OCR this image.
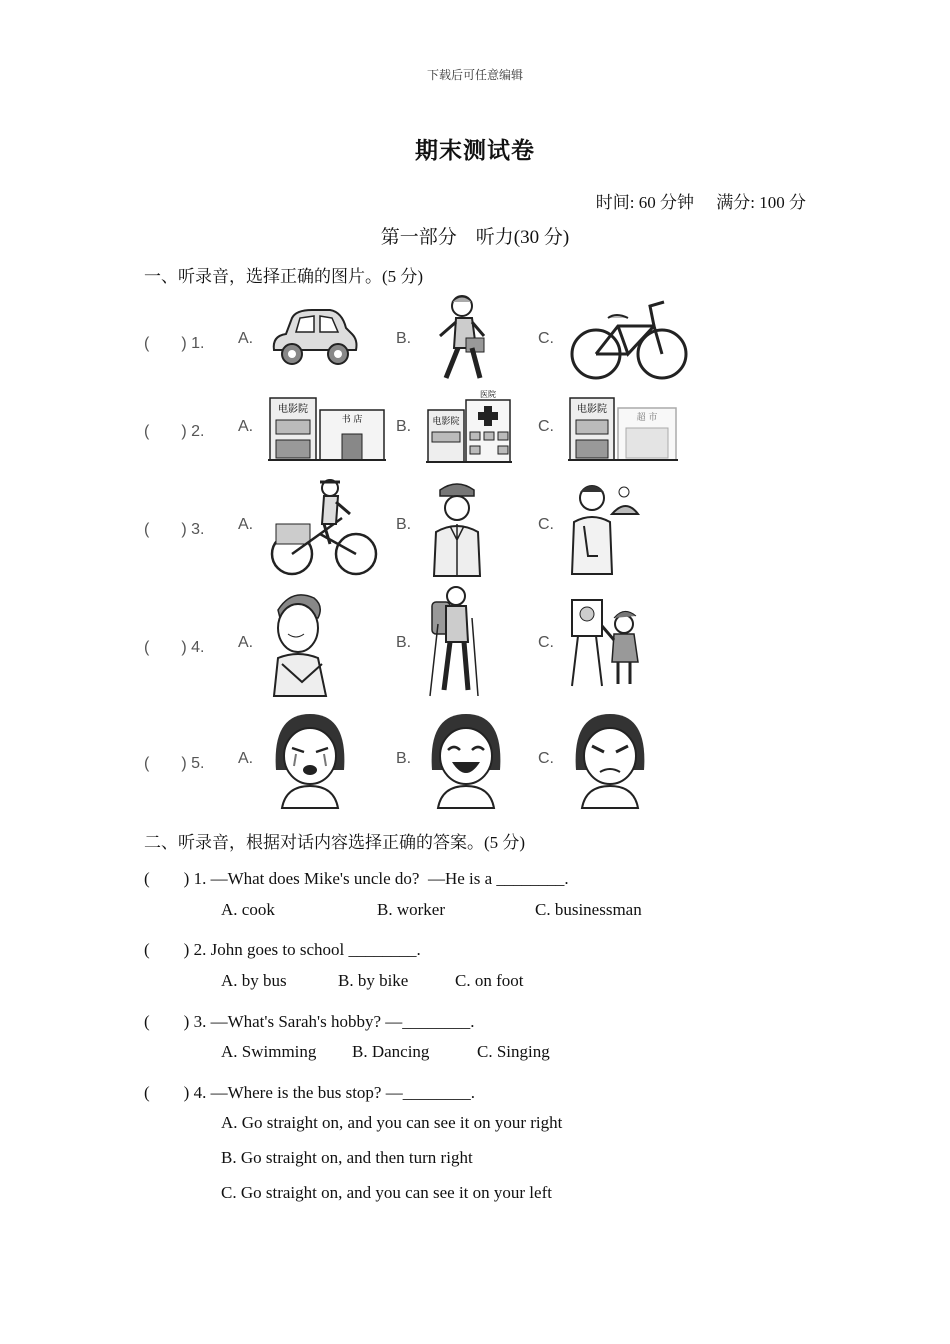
下载后可任意编辑
期末测试卷
时间: 60 分钟 满分: 100 分
第一部分　听力(30 分)
一、听录音，选择正确的图片。(5 分)
(　　) 1. A.	B.	C.
(　　) 2. A.
电影院
书 店 B. 电影院
医院
C.
电影院
超 市
(　　) 3. A.	B.	C.
(　　) 4. A.	B.	C.
(　　) 5. A.	B.	C.
二、听录音，根据对话内容选择正确的答案。(5 分)
(　　) 1. —What does Mike's uncle do?  —He is a ________.
A. cook	B. worker	C. businessman
(　　) 2. John goes to school ________.
A. by bus	B. by bike	C. on foot
(　　) 3. —What's Sarah's hobby? —________.
A. Swimming B. Dancing	C. Singing
(　　) 4. —Where is the bus stop? —________.
A. Go straight on, and you can see it on your right
B. Go straight on, and then turn right
C. Go straight on, and you can see it on your left
